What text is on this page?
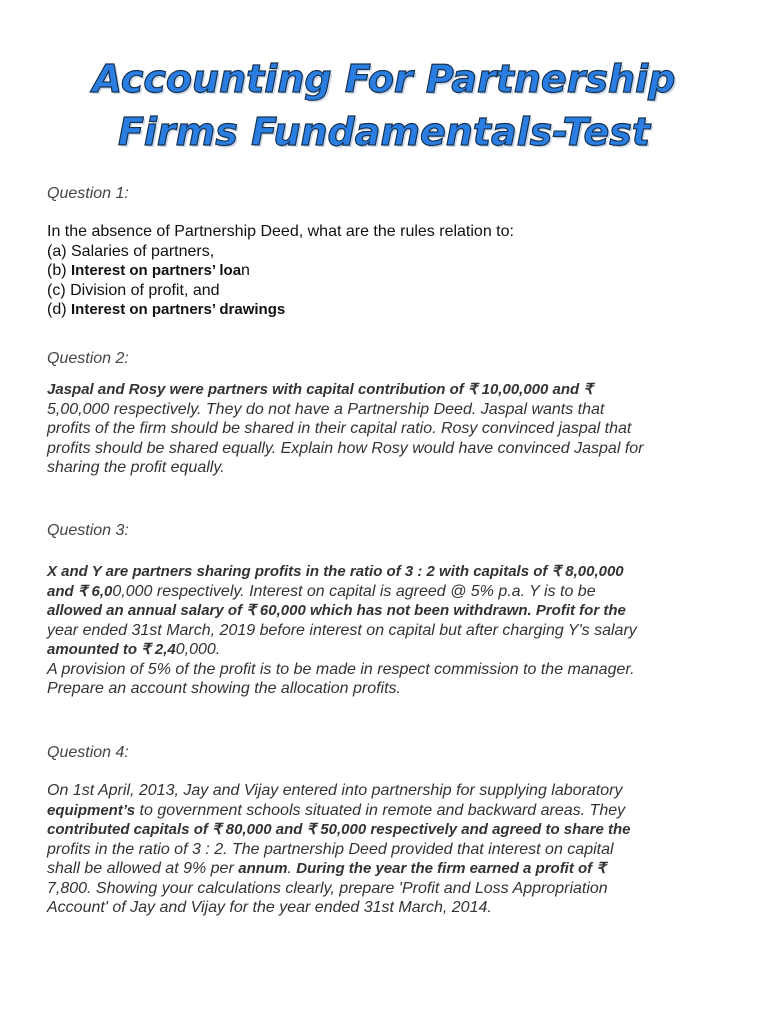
Accounting For Partnership
Firms Fundamentals-Test

Question 1:

In the absence of Partnership Deed, what are the rules relation to:
(a) Salaries of partners,
(b) Interest on partners’ loan
(c) Division of profit, and
(d) Interest on partners’ drawings

Question 2:

Jaspal and Rosy were partners with capital contribution of ₹ 10,00,000 and ₹
5,00,000 respectively. They do not have a Partnership Deed. Jaspal wants that
profits of the firm should be shared in their capital ratio. Rosy convinced jaspal that
profits should be shared equally. Explain how Rosy would have convinced Jaspal for
sharing the profit equally.

Question 3:

X and Y are partners sharing profits in the ratio of 3 : 2 with capitals of ₹ 8,00,000
and ₹ 6,00,000 respectively. Interest on capital is agreed @ 5% p.a. Y is to be
allowed an annual salary of ₹ 60,000 which has not been withdrawn. Profit for the
year ended 31st March, 2019 before interest on capital but after charging Y's salary
amounted to ₹ 2,40,000.
A provision of 5% of the profit is to be made in respect commission to the manager.
Prepare an account showing the allocation profits.

Question 4:

On 1st April, 2013, Jay and Vijay entered into partnership for supplying laboratory
equipment’s to government schools situated in remote and backward areas. They
contributed capitals of ₹ 80,000 and ₹ 50,000 respectively and agreed to share the
profits in the ratio of 3 : 2. The partnership Deed provided that interest on capital
shall be allowed at 9% per annum. During the year the firm earned a profit of ₹
7,800. Showing your calculations clearly, prepare 'Profit and Loss Appropriation
Account' of Jay and Vijay for the year ended 31st March, 2014.
